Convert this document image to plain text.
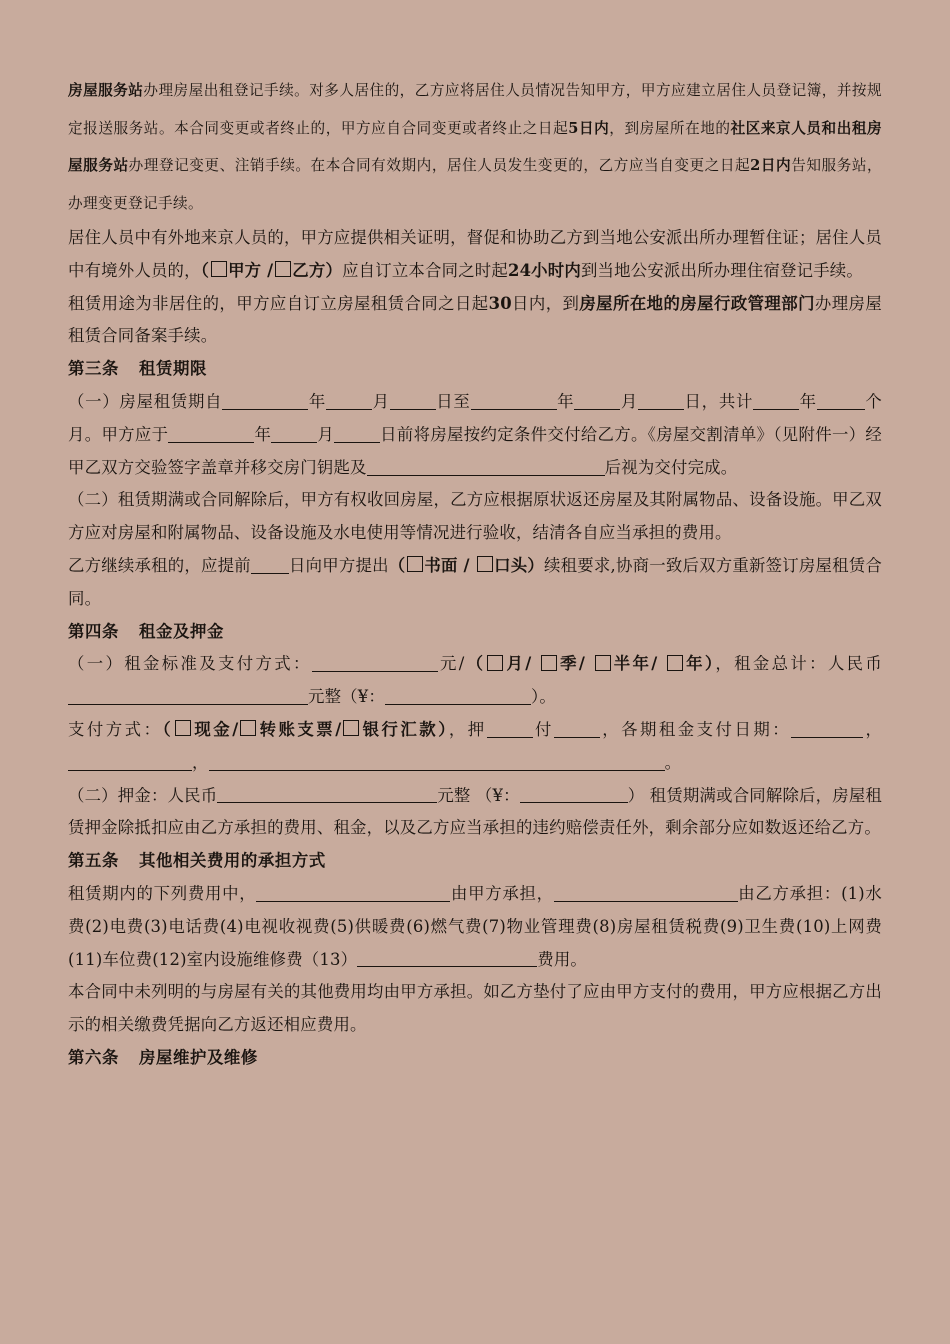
房屋服务站办理房屋出租登记手续。对多人居住的，乙方应将居住人员情况告知甲方，甲方应建立居住人员登记簿，并按规定报送服务站。本合同变更或者终止的，甲方应自合同变更或者终止之日起5日内，到房屋所在地的社区来京人员和出租房屋服务站办理登记变更、注销手续。在本合同有效期内，居住人员发生变更的，乙方应当自变更之日起2日内告知服务站，办理变更登记手续。

居住人员中有外地来京人员的，甲方应提供相关证明，督促和协助乙方到当地公安派出所办理暂住证；居住人员中有境外人员的，（ 甲方 / 乙方）应自订立本合同之时起24小时内到当地公安派出所办理住宿登记手续。

租赁用途为非居住的，甲方应自订立房屋租赁合同之日起30日内，到房屋所在地的房屋行政管理部门办理房屋租赁合同备案手续。

第三条 租赁期限

（一）房屋租赁期自	年	月	日至	年	月	日，共计	年	个月。甲方应于	年	月	日前将房屋按约定条件交付给乙方。《房屋交割清单》（见附件一）经甲乙双方交验签字盖章并移交房门钥匙及	后视为交付完成。

（二）租赁期满或合同解除后，甲方有权收回房屋，乙方应根据原状返还房屋及其附属物品、设备设施。甲乙双方应对房屋和附属物品、设备设施及水电使用等情况进行验收，结清各自应当承担的费用。

乙方继续承租的，应提前 日向甲方提出（ 书面 / 口头）续租要求,协商一致后双方重新签订房屋租赁合同。

第四条 租金及押金

（一）租金标准及支付方式：	元/（ 月/ 季/ 半年/ 年），租金总计：人民币元整（¥：	）。

支付方式：（ 现金/ 转账支票/ 银行汇款），押	付	，各期租金支付日期：	，，	。

（二）押金：人民币	元整 （¥：	） 租赁期满或合同解除后，房屋租赁押金除抵扣应由乙方承担的费用、租金，以及乙方应当承担的违约赔偿责任外，剩余部分应如数返还给乙方。

第五条 其他相关费用的承担方式

租赁期内的下列费用中，	由甲方承担，	由乙方承担：(1)水费(2)电费(3)电话费(4)电视收视费(5)供暖费(6)燃气费(7)物业管理费(8)房屋租赁税费(9)卫生费(10)上网费(11)车位费(12)室内设施维修费（13）	费用。

本合同中未列明的与房屋有关的其他费用均由甲方承担。如乙方垫付了应由甲方支付的费用，甲方应根据乙方出示的相关缴费凭据向乙方返还相应费用。

第六条 房屋维护及维修
